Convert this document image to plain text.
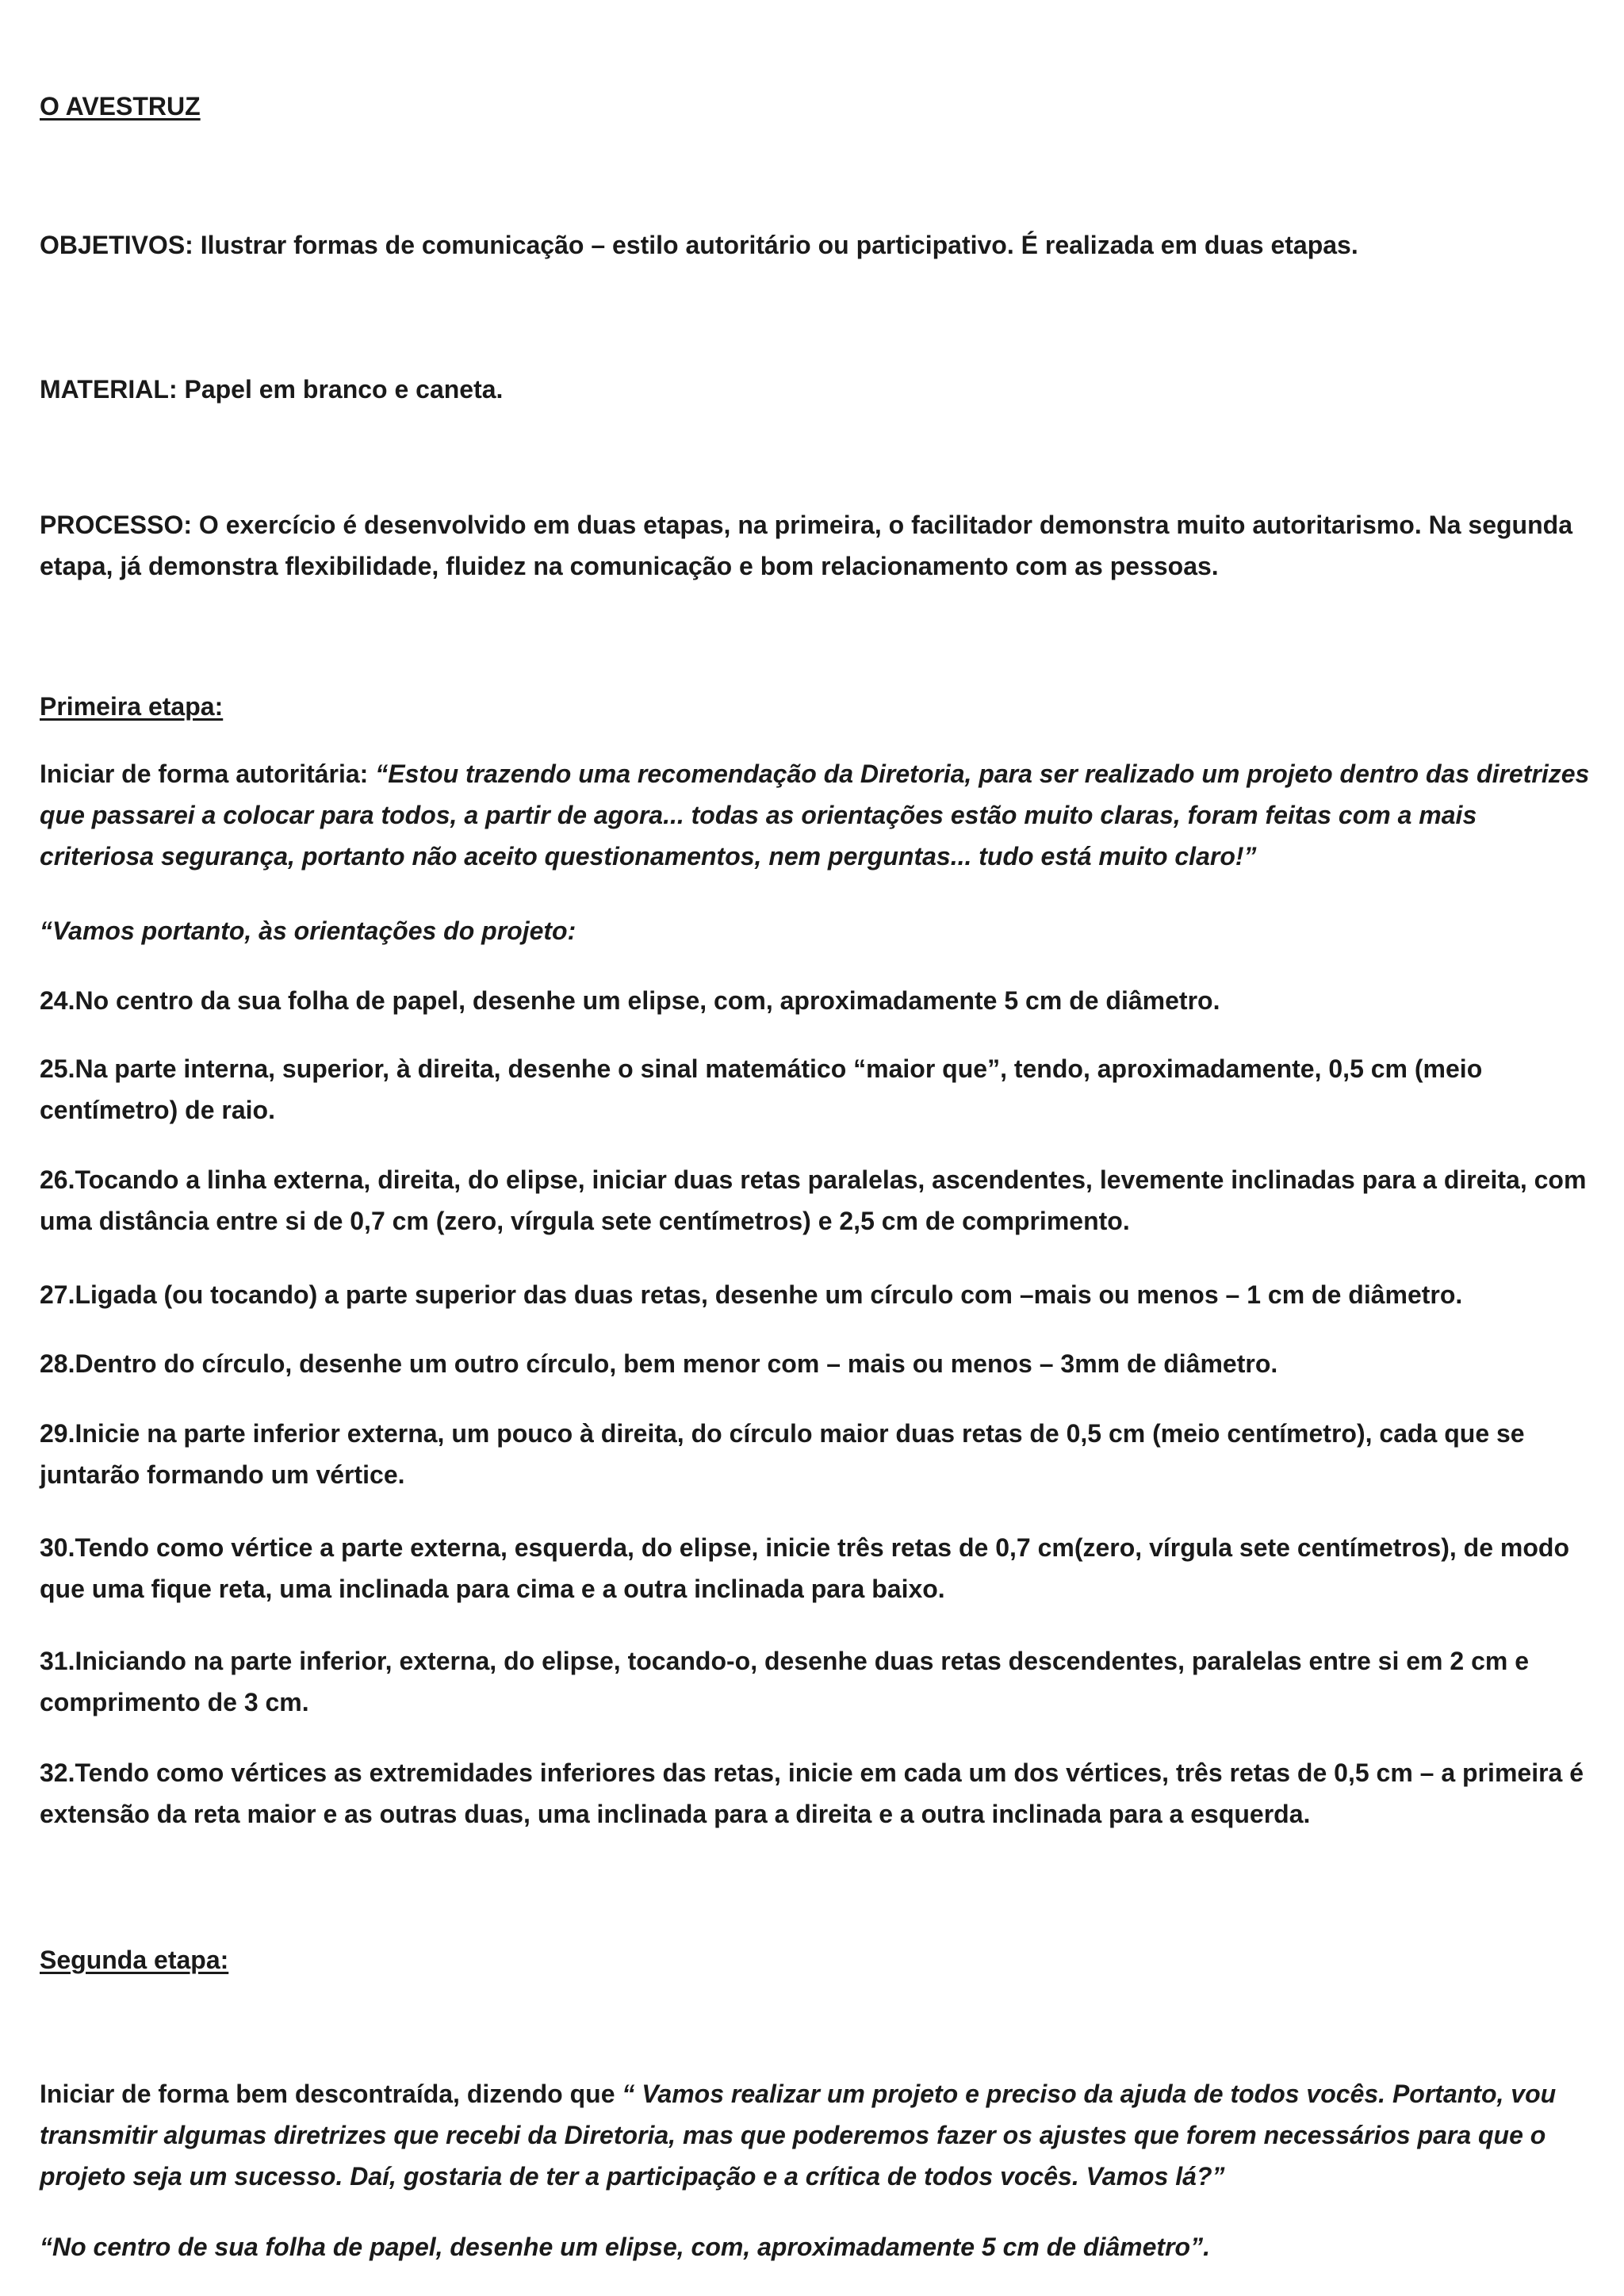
O AVESTRUZ
OBJETIVOS: Ilustrar formas de comunicação – estilo autoritário ou participativo. É realizada em duas etapas.
MATERIAL: Papel em branco e caneta.
PROCESSO: O exercício é desenvolvido em duas etapas, na primeira, o facilitador demonstra muito autoritarismo. Na segunda etapa, já demonstra flexibilidade, fluidez na comunicação e bom relacionamento com as pessoas.
Primeira etapa:
Iniciar de forma autoritária: “Estou trazendo uma recomendação da Diretoria, para ser realizado um projeto dentro das diretrizes que passarei a colocar para todos, a partir de agora... todas as orientações estão muito claras, foram feitas com a mais criteriosa segurança, portanto não aceito questionamentos, nem perguntas... tudo está muito claro!”
“Vamos portanto, às orientações do projeto:
24.No centro da sua folha de papel, desenhe um elipse, com, aproximadamente 5 cm de diâmetro.
25.Na parte interna, superior, à direita, desenhe o sinal matemático “maior que”, tendo, aproximadamente, 0,5 cm (meio centímetro) de raio.
26.Tocando a linha externa, direita, do elipse, iniciar duas retas paralelas, ascendentes, levemente inclinadas para a direita, com uma distância entre si de 0,7 cm (zero, vírgula sete centímetros) e 2,5 cm de comprimento.
27.Ligada (ou tocando) a parte superior das duas retas, desenhe um círculo com –mais ou menos – 1 cm de diâmetro.
28.Dentro do círculo, desenhe um outro círculo, bem menor com – mais ou menos – 3mm de diâmetro.
29.Inicie na parte inferior externa, um pouco à direita, do círculo maior duas retas de 0,5 cm (meio centímetro), cada que se juntarão formando um vértice.
30.Tendo como vértice a parte externa, esquerda, do elipse, inicie três retas de 0,7 cm(zero, vírgula sete centímetros), de modo que uma fique reta, uma inclinada para cima e a outra inclinada para baixo.
31.Iniciando na parte inferior, externa, do elipse, tocando-o, desenhe duas retas descendentes, paralelas entre si em 2 cm e comprimento de 3 cm.
32.Tendo como vértices as extremidades inferiores das retas, inicie em cada um dos vértices, três retas de 0,5 cm – a primeira é extensão da reta maior e as outras duas, uma inclinada para a direita e a outra inclinada para a esquerda.
Segunda etapa:
Iniciar de forma bem descontraída, dizendo que “ Vamos realizar um projeto e preciso da ajuda de todos vocês. Portanto, vou transmitir algumas diretrizes que recebi da Diretoria, mas que poderemos fazer os ajustes que forem necessários para que o projeto seja um sucesso. Daí, gostaria de ter a participação e a crítica de todos vocês. Vamos lá?”
“No centro de sua folha de papel, desenhe um elipse, com, aproximadamente 5 cm de diâmetro”.
